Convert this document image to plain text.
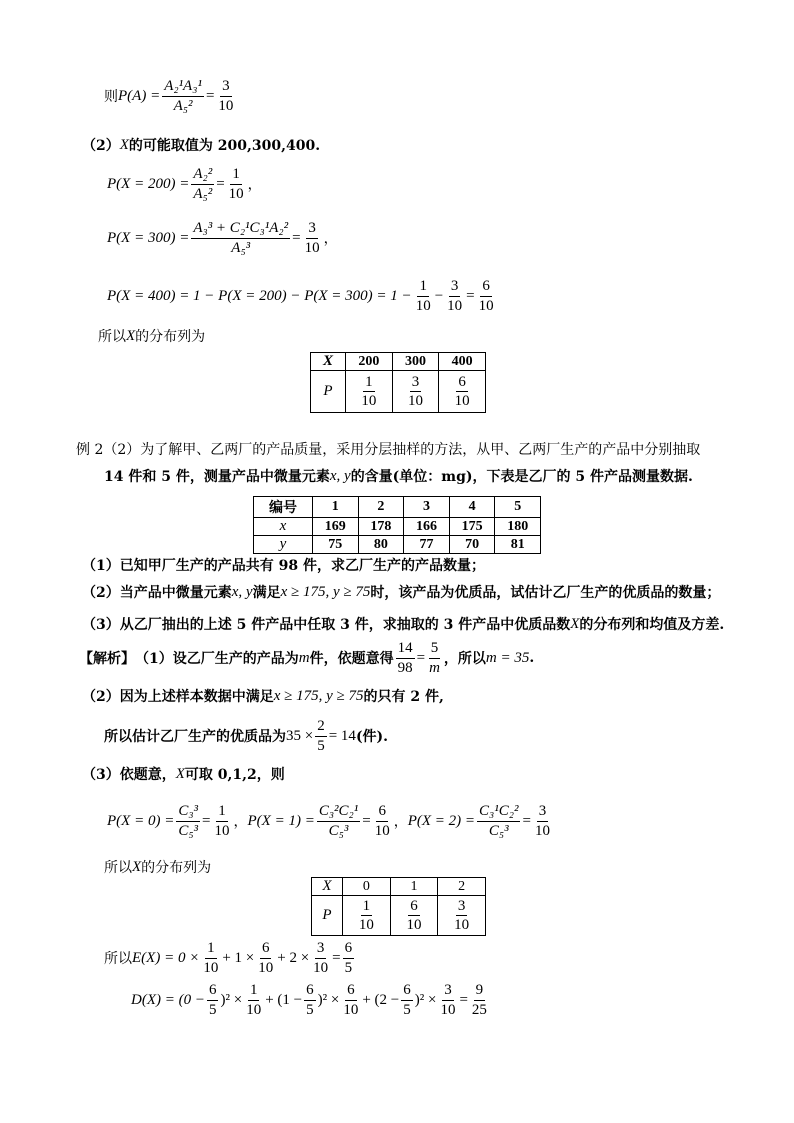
则 $P(A) = \frac{\text{A₂¹A₃¹}}{\text{A₅²}} = \frac{3}{10}$
（2） X 的可能取值为 200,300,400.
$P(X = 200) = \frac{\text{A₂²}}{\text{A₅²}} = \frac{1}{10}$ ，
$P(X = 300) = \frac{\text{A₃³ + C₂¹C₃¹A₂²}}{\text{A₅³}} = \frac{3}{10}$ ，
$P(X = 400) = 1 - P(X = 200) - P(X = 300) = 1 - \frac{1}{10} - \frac{3}{10} = \frac{6}{10}$
所以 X 的分布列为
X	200	300	400
P	$\frac{1}{10}$	$\frac{3}{10}$	$\frac{6}{10}$
例 2（2）为了解甲、乙两厂的产品质量，采用分层抽样的方法，从甲、乙两厂生产的产品中分别抽取
14 件和 5 件，测量产品中微量元素 x, y 的含量(单位：mg)，下表是乙厂的 5 件产品测量数据.
编号	1	2	3	4	5
x	169	178	166	175	180
y	75	80	77	70	81
（1）已知甲厂生产的产品共有 98 件，求乙厂生产的产品数量；
（2）当产品中微量元素 x, y 满足 x ≥ 175, y ≥ 75 时，该产品为优质品，试估计乙厂生产的优质品的数量；
（3）从乙厂抽出的上述 5 件产品中任取 3 件，求抽取的 3 件产品中优质品数 X 的分布列和均值及方差.
【解析】 （1）设乙厂生产的产品为 m 件，依题意得 $\frac{14}{98} = \frac{5}{m}$ ，所以 m = 35 .
（2）因为上述样本数据中满足 x ≥ 175, y ≥ 75 的只有 2 件,
所以估计乙厂生产的优质品为 $35 \times \frac{2}{5} = 14$ (件).
（3）依题意， X 可取 0,1,2，则
$P(X = 0) = \frac{\text{C₃³}}{\text{C₅³}} = \frac{1}{10}$ ， $P(X = 1) = \frac{\text{C₃²C₂¹}}{\text{C₅³}} = \frac{6}{10}$ ， $P(X = 2) = \frac{\text{C₃¹C₂²}}{\text{C₅³}} = \frac{3}{10}$
所以 X 的分布列为
X	0	1	2
P	$\frac{1}{10}$	$\frac{6}{10}$	$\frac{3}{10}$
所以 $E(X) = 0 \times \frac{1}{10} + 1 \times \frac{6}{10} + 2 \times \frac{3}{10} = \frac{6}{5}$
$D(X) = (0 - \frac{6}{5} )^2 \times \frac{1}{10} + (1 - \frac{6}{5} )^2 \times \frac{6}{10} + (2 - \frac{6}{5} )^2 \times \frac{3}{10} = \frac{9}{25}$
